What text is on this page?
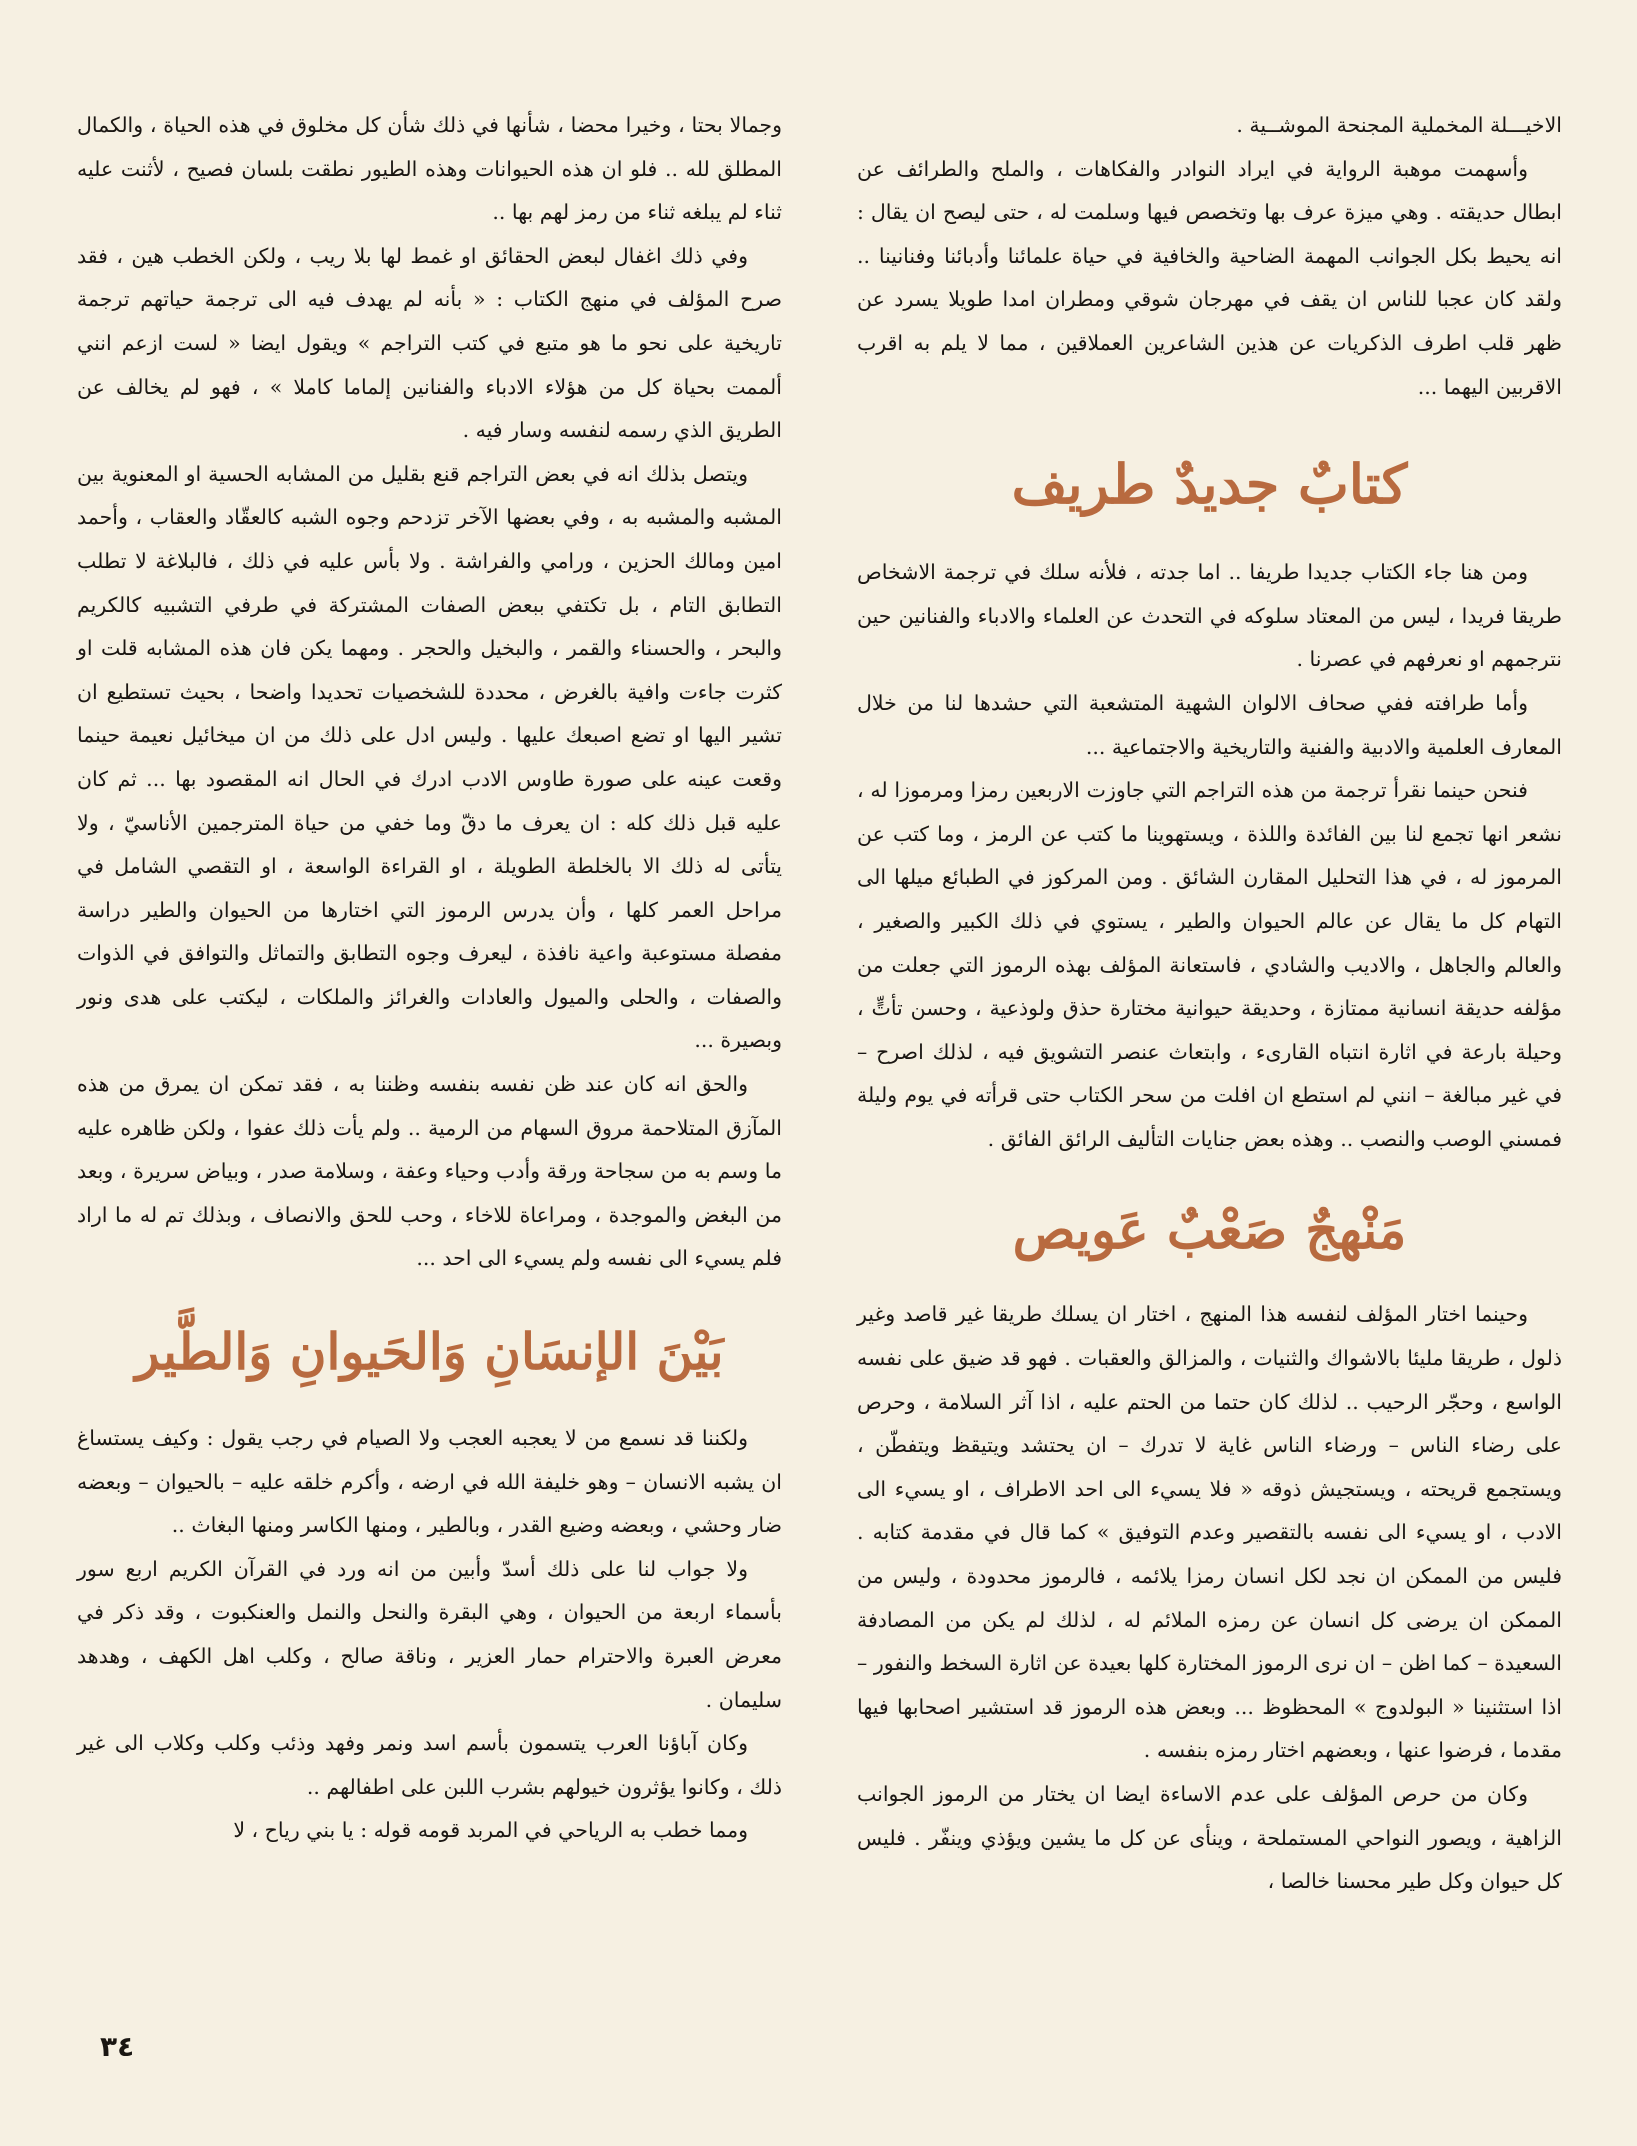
الاخيـــلة المخملية المجنحة الموشــية .

وأسهمت موهبة الرواية في ايراد النوادر والفكاهات ، والملح والطرائف عن ابطال حديقته . وهي ميزة عرف بها وتخصص فيها وسلمت له ، حتى ليصح ان يقال : انه يحيط بكل الجوانب المهمة الضاحية والخافية في حياة علمائنا وأدبائنا وفنانينا .. ولقد كان عجبا للناس ان يقف في مهرجان شوقي ومطران امدا طويلا يسرد عن ظهر قلب اطرف الذكريات عن هذين الشاعرين العملاقين ، مما لا يلم به اقرب الاقربين اليهما ...

كتابٌ جديدٌ طريف

ومن هنا جاء الكتاب جديدا طريفا .. اما جدته ، فلأنه سلك في ترجمة الاشخاص طريقا فريدا ، ليس من المعتاد سلوكه في التحدث عن العلماء والادباء والفنانين حين نترجمهم او نعرفهم في عصرنا .

وأما طرافته ففي صحاف الالوان الشهية المتشعبة التي حشدها لنا من خلال المعارف العلمية والادبية والفنية والتاريخية والاجتماعية ...

فنحن حينما نقرأ ترجمة من هذه التراجم التي جاوزت الاربعين رمزا ومرموزا له ، نشعر انها تجمع لنا بين الفائدة واللذة ، ويستهوينا ما كتب عن الرمز ، وما كتب عن المرموز له ، في هذا التحليل المقارن الشائق . ومن المركوز في الطبائع ميلها الى التهام كل ما يقال عن عالم الحيوان والطير ، يستوي في ذلك الكبير والصغير ، والعالم والجاهل ، والاديب والشادي ، فاستعانة المؤلف بهذه الرموز التي جعلت من مؤلفه حديقة انسانية ممتازة ، وحديقة حيوانية مختارة حذق ولوذعية ، وحسن تأتٍّ ، وحيلة بارعة في اثارة انتباه القارىء ، وابتعاث عنصر التشويق فيه ، لذلك اصرح – في غير مبالغة – انني لم استطع ان افلت من سحر الكتاب حتى قرأته في يوم وليلة فمسني الوصب والنصب .. وهذه بعض جنايات التأليف الرائق الفائق .

مَنْهجٌ صَعْبٌ عَويص

وحينما اختار المؤلف لنفسه هذا المنهج ، اختار ان يسلك طريقا غير قاصد وغير ذلول ، طريقا مليئا بالاشواك والثنيات ، والمزالق والعقبات . فهو قد ضيق على نفسه الواسع ، وحجّر الرحيب .. لذلك كان حتما من الحتم عليه ، اذا آثر السلامة ، وحرص على رضاء الناس – ورضاء الناس غاية لا تدرك – ان يحتشد ويتيقظ ويتفطّن ، ويستجمع قريحته ، ويستجيش ذوقه « فلا يسيء الى احد الاطراف ، او يسيء الى الادب ، او يسيء الى نفسه بالتقصير وعدم التوفيق » كما قال في مقدمة كتابه . فليس من الممكن ان نجد لكل انسان رمزا يلائمه ، فالرموز محدودة ، وليس من الممكن ان يرضى كل انسان عن رمزه الملائم له ، لذلك لم يكن من المصادفة السعيدة – كما اظن – ان نرى الرموز المختارة كلها بعيدة عن اثارة السخط والنفور – اذا استثنينا « البولدوج » المحظوظ ... وبعض هذه الرموز قد استشير اصحابها فيها مقدما ، فرضوا عنها ، وبعضهم اختار رمزه بنفسه .

وكان من حرص المؤلف على عدم الاساءة ايضا ان يختار من الرموز الجوانب الزاهية ، ويصور النواحي المستملحة ، وينأى عن كل ما يشين ويؤذي وينفّر . فليس كل حيوان وكل طير محسنا خالصا ،

وجمالا بحتا ، وخيرا محضا ، شأنها في ذلك شأن كل مخلوق في هذه الحياة ، والكمال المطلق لله .. فلو ان هذه الحيوانات وهذه الطيور نطقت بلسان فصيح ، لأثنت عليه ثناء لم يبلغه ثناء من رمز لهم بها ..

وفي ذلك اغفال لبعض الحقائق او غمط لها بلا ريب ، ولكن الخطب هين ، فقد صرح المؤلف في منهج الكتاب : « بأنه لم يهدف فيه الى ترجمة حياتهم ترجمة تاريخية على نحو ما هو متبع في كتب التراجم » ويقول ايضا « لست ازعم انني ألممت بحياة كل من هؤلاء الادباء والفنانين إلماما كاملا » ، فهو لم يخالف عن الطريق الذي رسمه لنفسه وسار فيه .

ويتصل بذلك انه في بعض التراجم قنع بقليل من المشابه الحسية او المعنوية بين المشبه والمشبه به ، وفي بعضها الآخر تزدحم وجوه الشبه كالعقّاد والعقاب ، وأحمد امين ومالك الحزين ، ورامي والفراشة . ولا بأس عليه في ذلك ، فالبلاغة لا تطلب التطابق التام ، بل تكتفي ببعض الصفات المشتركة في طرفي التشبيه كالكريم والبحر ، والحسناء والقمر ، والبخيل والحجر . ومهما يكن فان هذه المشابه قلت او كثرت جاءت وافية بالغرض ، محددة للشخصيات تحديدا واضحا ، بحيث تستطيع ان تشير اليها او تضع اصبعك عليها . وليس ادل على ذلك من ان ميخائيل نعيمة حينما وقعت عينه على صورة طاوس الادب ادرك في الحال انه المقصود بها ... ثم كان عليه قبل ذلك كله : ان يعرف ما دقّ وما خفي من حياة المترجمين الأناسيّ ، ولا يتأتى له ذلك الا بالخلطة الطويلة ، او القراءة الواسعة ، او التقصي الشامل في مراحل العمر كلها ، وأن يدرس الرموز التي اختارها من الحيوان والطير دراسة مفصلة مستوعبة واعية نافذة ، ليعرف وجوه التطابق والتماثل والتوافق في الذوات والصفات ، والحلى والميول والعادات والغرائز والملكات ، ليكتب على هدى ونور وبصيرة ...

والحق انه كان عند ظن نفسه بنفسه وظننا به ، فقد تمكن ان يمرق من هذه المآزق المتلاحمة مروق السهام من الرمية .. ولم يأت ذلك عفوا ، ولكن ظاهره عليه ما وسم به من سجاحة ورقة وأدب وحياء وعفة ، وسلامة صدر ، وبياض سريرة ، وبعد من البغض والموجدة ، ومراعاة للاخاء ، وحب للحق والانصاف ، وبذلك تم له ما اراد فلم يسيء الى نفسه ولم يسيء الى احد ...

بَيْنَ الإنسَانِ وَالحَيوانِ وَالطَّير

ولكننا قد نسمع من لا يعجبه العجب ولا الصيام في رجب يقول : وكيف يستساغ ان يشبه الانسان – وهو خليفة الله في ارضه ، وأكرم خلقه عليه – بالحيوان – وبعضه ضار وحشي ، وبعضه وضيع القدر ، وبالطير ، ومنها الكاسر ومنها البغاث ..

ولا جواب لنا على ذلك أسدّ وأبين من انه ورد في القرآن الكريم اربع سور بأسماء اربعة من الحيوان ، وهي البقرة والنحل والنمل والعنكبوت ، وقد ذكر في معرض العبرة والاحترام حمار العزير ، وناقة صالح ، وكلب اهل الكهف ، وهدهد سليمان .

وكان آباؤنا العرب يتسمون بأسم اسد ونمر وفهد وذئب وكلب وكلاب الى غير ذلك ، وكانوا يؤثرون خيولهم بشرب اللبن على اطفالهم ..

ومما خطب به الرياحي في المربد قومه قوله : يا بني رياح ، لا

٣٤
